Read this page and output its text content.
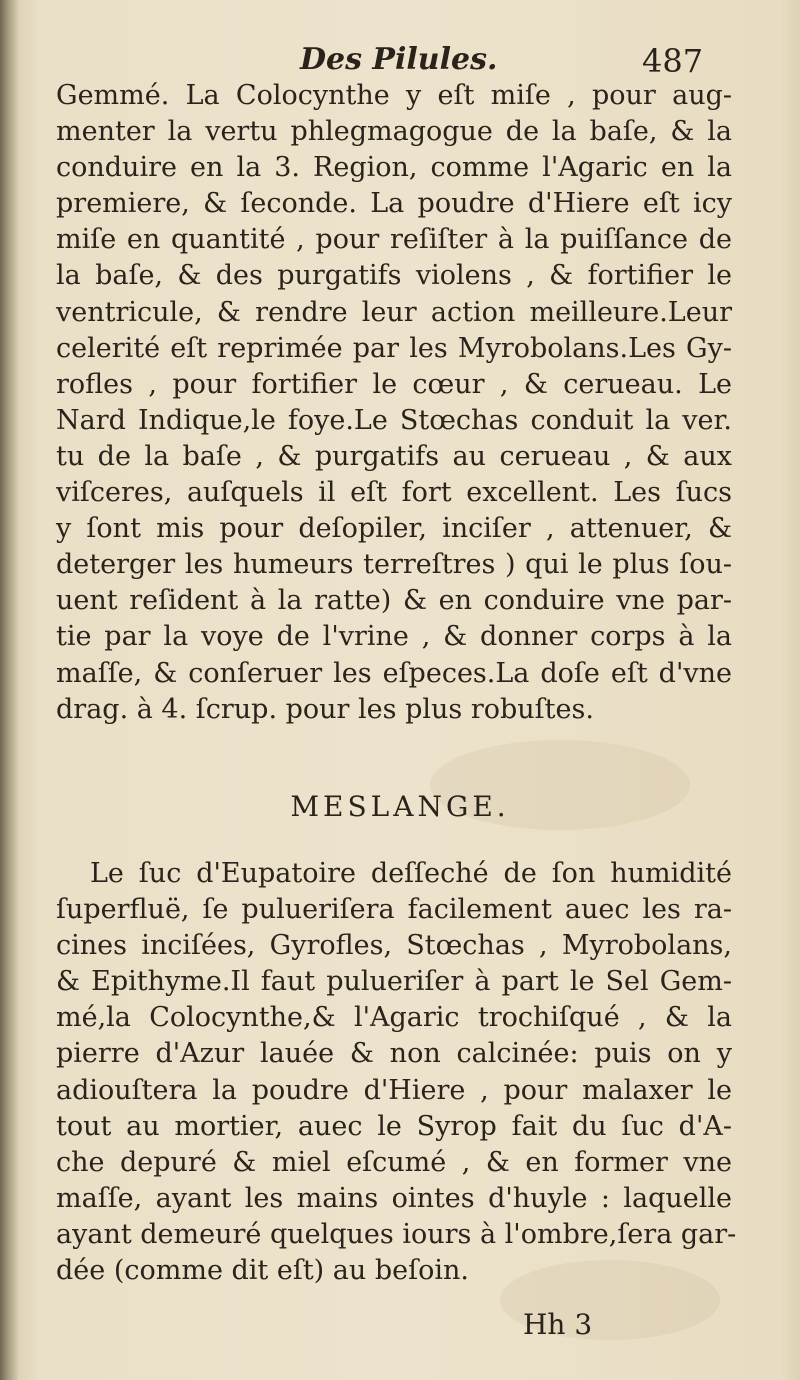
Des Pilules.	487
Gemmé. La Colocynthe y eſt miſe , pour aug-
menter la vertu phlegmagogue de la baſe, & la
conduire en la 3. Region, comme l'Agaric en la
premiere, & ſeconde. La poudre d'Hiere eſt icy
miſe en quantité , pour reſiſter à la puiſſance de
la baſe, & des purgatifs violens , & fortifier le
ventricule, & rendre leur action meilleure.Leur
celerité eſt reprimée par les Myrobolans.Les Gy-
rofles , pour fortifier le cœur , & cerueau. Le
Nard Indique,le foye.Le Stœchas conduit la ver.
tu de la baſe , & purgatifs au cerueau , & aux
viſceres, auſquels il eſt fort excellent. Les ſucs
y ſont mis pour deſopiler, inciſer , attenuer, &
deterger les humeurs terreſtres ) qui le plus ſou-
uent reſident à la ratte) & en conduire vne par-
tie par la voye de l'vrine , & donner corps à la
maſſe, & conſeruer les eſpeces.La doſe eſt d'vne
drag. à 4. ſcrup. pour les plus robuſtes.
MESLANGE.
Le ſuc d'Eupatoire deſſeché de ſon humidité
ſuperfluë, ſe pulueriſera facilement auec les ra-
cines inciſées, Gyrofles, Stœchas , Myrobolans,
& Epithyme.Il faut pulueriſer à part le Sel Gem-
mé,la Colocynthe,& l'Agaric trochiſqué , & la
pierre d'Azur lauée & non calcinée: puis on y
adiouſtera la poudre d'Hiere , pour malaxer le
tout au mortier, auec le Syrop fait du ſuc d'A-
che depuré & miel eſcumé , & en former vne
maſſe, ayant les mains ointes d'huyle : laquelle
ayant demeuré quelques iours à l'ombre,ſera gar-
dée (comme dit eſt) au beſoin.
Hh 3
